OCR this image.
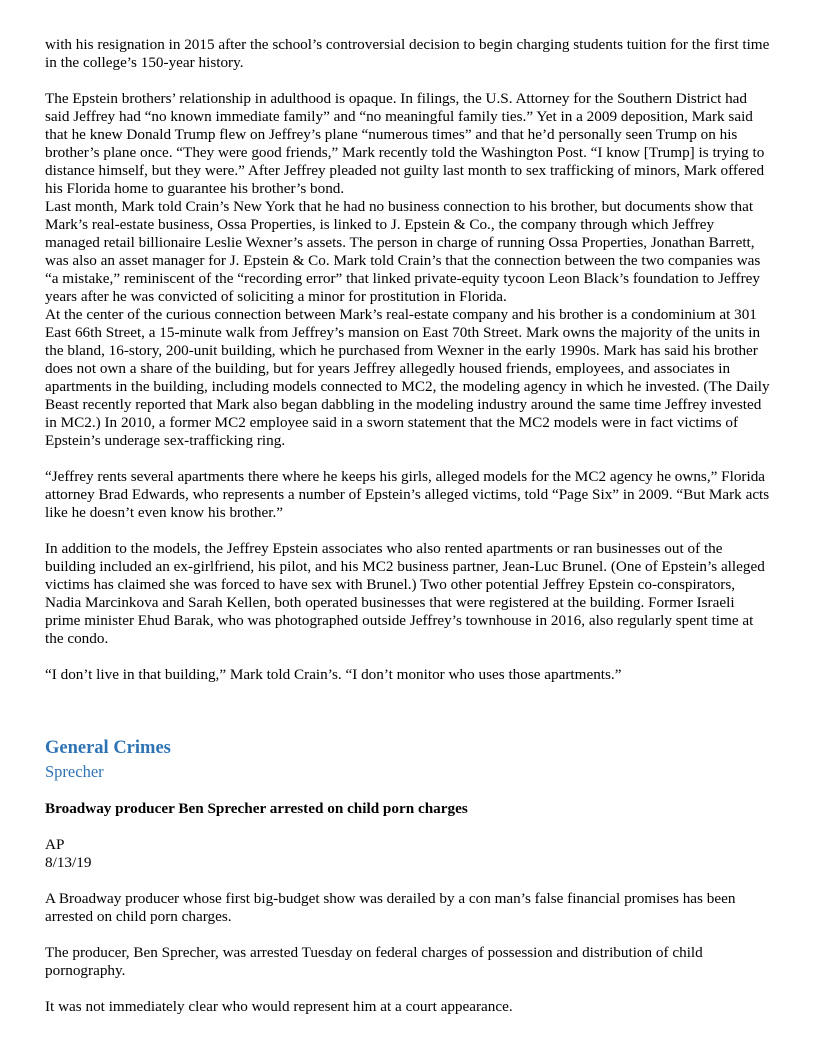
with his resignation in 2015 after the school’s controversial decision to begin charging students tuition for the first time in the college’s 150-year history.

The Epstein brothers’ relationship in adulthood is opaque. In filings, the U.S. Attorney for the Southern District had said Jeffrey had “no known immediate family” and “no meaningful family ties.” Yet in a 2009 deposition, Mark said that he knew Donald Trump flew on Jeffrey’s plane “numerous times” and that he’d personally seen Trump on his brother’s plane once. “They were good friends,” Mark recently told the Washington Post. “I know [Trump] is trying to distance himself, but they were.” After Jeffrey pleaded not guilty last month to sex trafficking of minors, Mark offered his Florida home to guarantee his brother’s bond.

Last month, Mark told Crain’s New York that he had no business connection to his brother, but documents show that Mark’s real-estate business, Ossa Properties, is linked to J. Epstein & Co., the company through which Jeffrey managed retail billionaire Leslie Wexner’s assets. The person in charge of running Ossa Properties, Jonathan Barrett, was also an asset manager for J. Epstein & Co. Mark told Crain’s that the connection between the two companies was “a mistake,” reminiscent of the “recording error” that linked private-equity tycoon Leon Black’s foundation to Jeffrey years after he was convicted of soliciting a minor for prostitution in Florida.

At the center of the curious connection between Mark’s real-estate company and his brother is a condominium at 301 East 66th Street, a 15-minute walk from Jeffrey’s mansion on East 70th Street. Mark owns the majority of the units in the bland, 16-story, 200-unit building, which he purchased from Wexner in the early 1990s. Mark has said his brother does not own a share of the building, but for years Jeffrey allegedly housed friends, employees, and associates in apartments in the building, including models connected to MC2, the modeling agency in which he invested. (The Daily Beast recently reported that Mark also began dabbling in the modeling industry around the same time Jeffrey invested in MC2.) In 2010, a former MC2 employee said in a sworn statement that the MC2 models were in fact victims of Epstein’s underage sex-trafficking ring.

“Jeffrey rents several apartments there where he keeps his girls, alleged models for the MC2 agency he owns,” Florida attorney Brad Edwards, who represents a number of Epstein’s alleged victims, told “Page Six” in 2009. “But Mark acts like he doesn’t even know his brother.”

In addition to the models, the Jeffrey Epstein associates who also rented apartments or ran businesses out of the building included an ex-girlfriend, his pilot, and his MC2 business partner, Jean-Luc Brunel. (One of Epstein’s alleged victims has claimed she was forced to have sex with Brunel.) Two other potential Jeffrey Epstein co-conspirators, Nadia Marcinkova and Sarah Kellen, both operated businesses that were registered at the building. Former Israeli prime minister Ehud Barak, who was photographed outside Jeffrey’s townhouse in 2016, also regularly spent time at the condo.

“I don’t live in that building,” Mark told Crain’s. “I don’t monitor who uses those apartments.”

General Crimes
Sprecher

Broadway producer Ben Sprecher arrested on child porn charges

AP

8/13/19

A Broadway producer whose first big-budget show was derailed by a con man’s false financial promises has been arrested on child porn charges.

The producer, Ben Sprecher, was arrested Tuesday on federal charges of possession and distribution of child pornography.

It was not immediately clear who would represent him at a court appearance.
